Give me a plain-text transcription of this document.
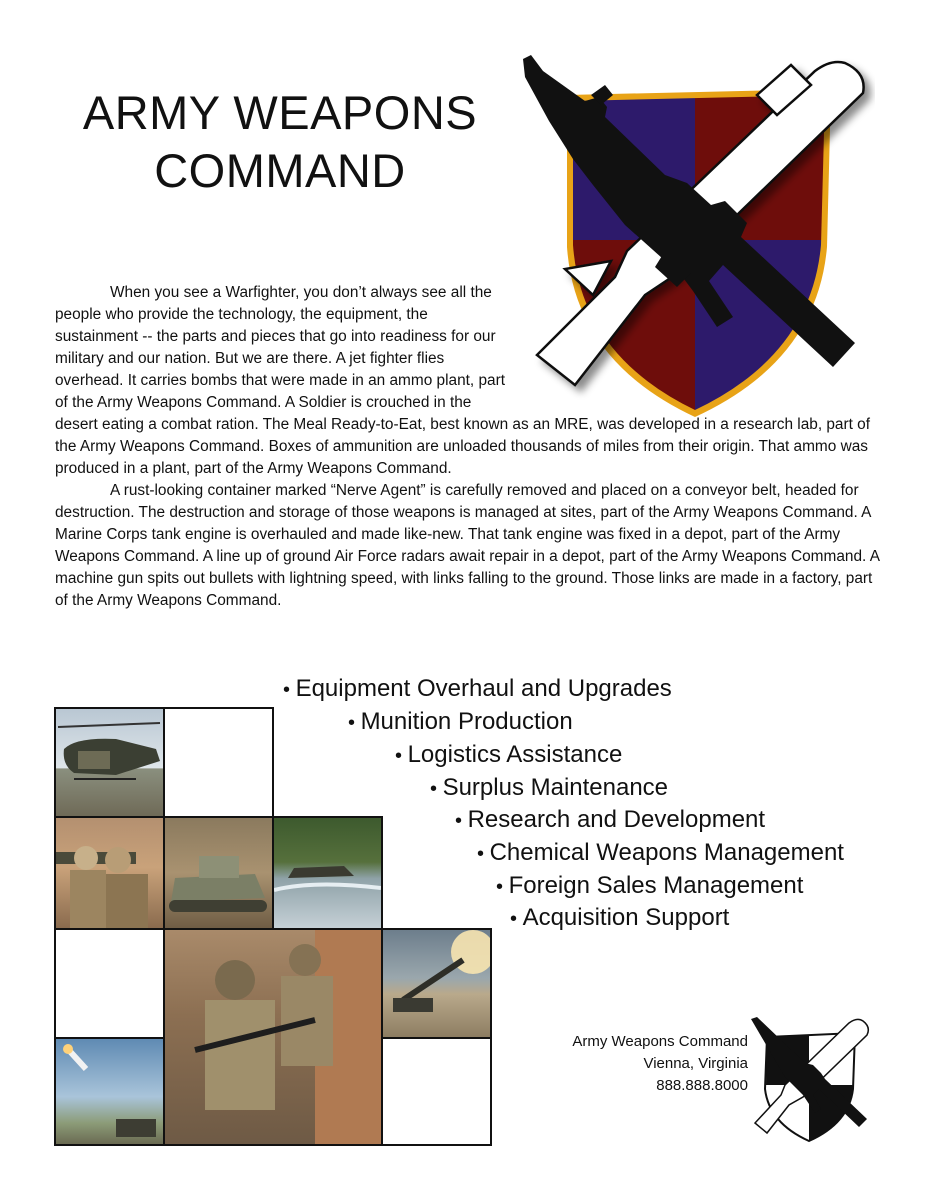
ARMY WEAPONS
COMMAND

When you see a Warfighter, you don’t always see all the people who provide the technology, the equipment, the sustainment -- the parts and pieces that go into readiness for our military and our nation. But we are there. A jet fighter flies overhead. It carries bombs that were made in an ammo plant, part of the Army Weapons Command. A Soldier is crouched in the desert eating a combat ration. The Meal Ready-to-Eat, best known as an MRE, was developed in a research lab, part of the Army Weapons Command. Boxes of ammunition are unloaded thousands of miles from their origin. That ammo was produced in a plant, part of the Army Weapons Command.

A rust-looking container marked “Nerve Agent” is carefully removed and placed on a conveyor belt, headed for destruction. The destruction and storage of those weapons is managed at sites, part of the Army Weapons Command. A Marine Corps tank engine is overhauled and made like-new. That tank engine was fixed in a depot, part of the Army Weapons Command. A line up of ground Air Force radars await repair in a depot, part of the Army Weapons Command. A machine gun spits out bullets with lightning speed, with links falling to the ground. Those links are made in a factory, part of the Army Weapons Command.

• Equipment Overhaul and Upgrades
• Munition Production
• Logistics Assistance
• Surplus Maintenance
• Research and Development
• Chemical Weapons Management
• Foreign Sales Management
• Acquisition Support
Army Weapons Command
Vienna, Virginia
888.888.8000
